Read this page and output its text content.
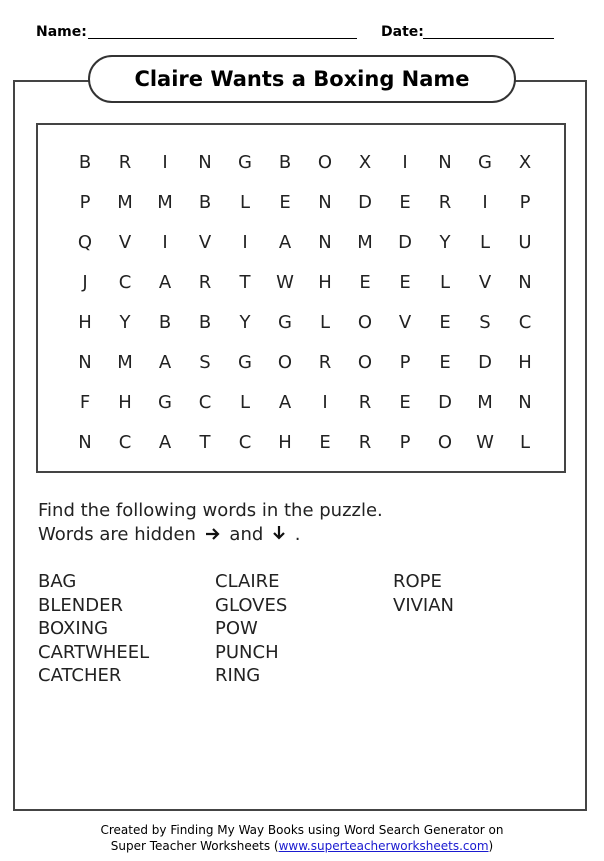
Name:	Date:
Claire Wants a Boxing Name
B	R	I	N	G	B	O	X	I	N	G	X
P	M	M	B	L	E	N	D	E	R	I	P
Q	V	I	V	I	A	N	M	D	Y	L	U
J	C	A	R	T	W	H	E	E	L	V	N
H	Y	B	B	Y	G	L	O	V	E	S	C
N	M	A	S	G	O	R	O	P	E	D	H
F	H	G	C	L	A	I	R	E	D	M	N
N	C	A	T	C	H	E	R	P	O	W	L
Find the following words in the puzzle.
Words are hidden and .
BAG
BLENDER
BOXING
CARTWHEEL
CATCHER
CLAIRE
GLOVES
POW
PUNCH
RING
ROPE
VIVIAN
Created by Finding My Way Books using Word Search Generator on
Super Teacher Worksheets (www.superteacherworksheets.com)
